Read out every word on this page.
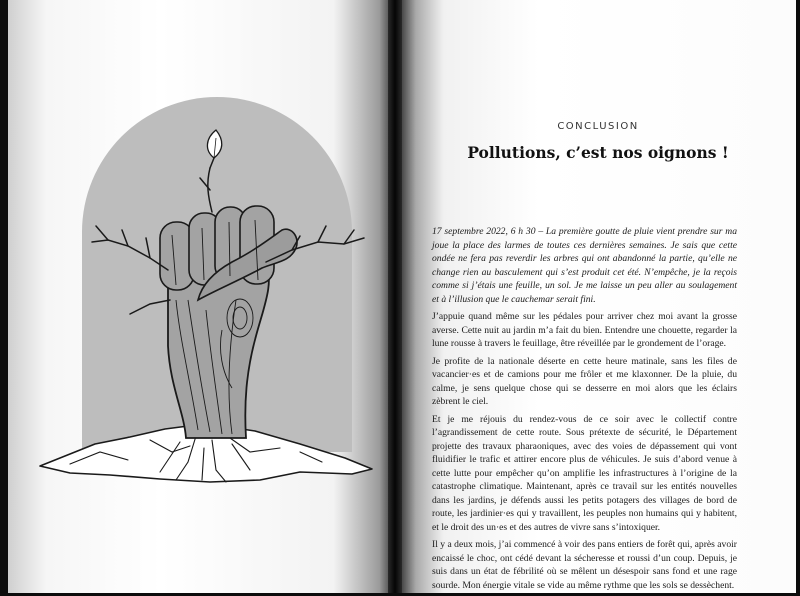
CONCLUSION
Pollutions, c’est nos oignons !

17 septembre 2022, 6 h 30 – La première goutte de pluie vient prendre sur ma joue la place des larmes de toutes ces dernières semaines. Je sais que cette ondée ne fera pas reverdir les arbres qui ont abandonné la partie, qu’elle ne change rien au basculement qui s’est produit cet été. N’empêche, je la reçois comme si j’étais une feuille, un sol. Je me laisse un peu aller au soulagement et à l’illusion que le cauchemar serait fini.

J’appuie quand même sur les pédales pour arriver chez moi avant la grosse averse. Cette nuit au jardin m’a fait du bien. Entendre une chouette, regarder la lune rousse à travers le feuillage, être réveillée par le grondement de l’orage.

Je profite de la nationale déserte en cette heure matinale, sans les files de vacancier·es et de camions pour me frôler et me klaxonner. De la pluie, du calme, je sens quelque chose qui se desserre en moi alors que les éclairs zèbrent le ciel.

Et je me réjouis du rendez-vous de ce soir avec le collectif contre l’agrandissement de cette route. Sous prétexte de sécurité, le Département projette des travaux pharaoniques, avec des voies de dépassement qui vont fluidifier le trafic et attirer encore plus de véhicules. Je suis d’abord venue à cette lutte pour empêcher qu’on amplifie les infrastructures à l’origine de la catastrophe climatique. Maintenant, après ce travail sur les entités nouvelles dans les jardins, je défends aussi les petits potagers des villages de bord de route, les jardinier·es qui y travaillent, les peuples non humains qui y habitent, et le droit des un·es et des autres de vivre sans s’intoxiquer.

Il y a deux mois, j’ai commencé à voir des pans entiers de forêt qui, après avoir encaissé le choc, ont cédé devant la sécheresse et roussi d’un coup. Depuis, je suis dans un état de fébrilité où se mêlent un désespoir sans fond et une rage sourde. Mon énergie vitale se vide au même rythme que les sols se dessèchent.
